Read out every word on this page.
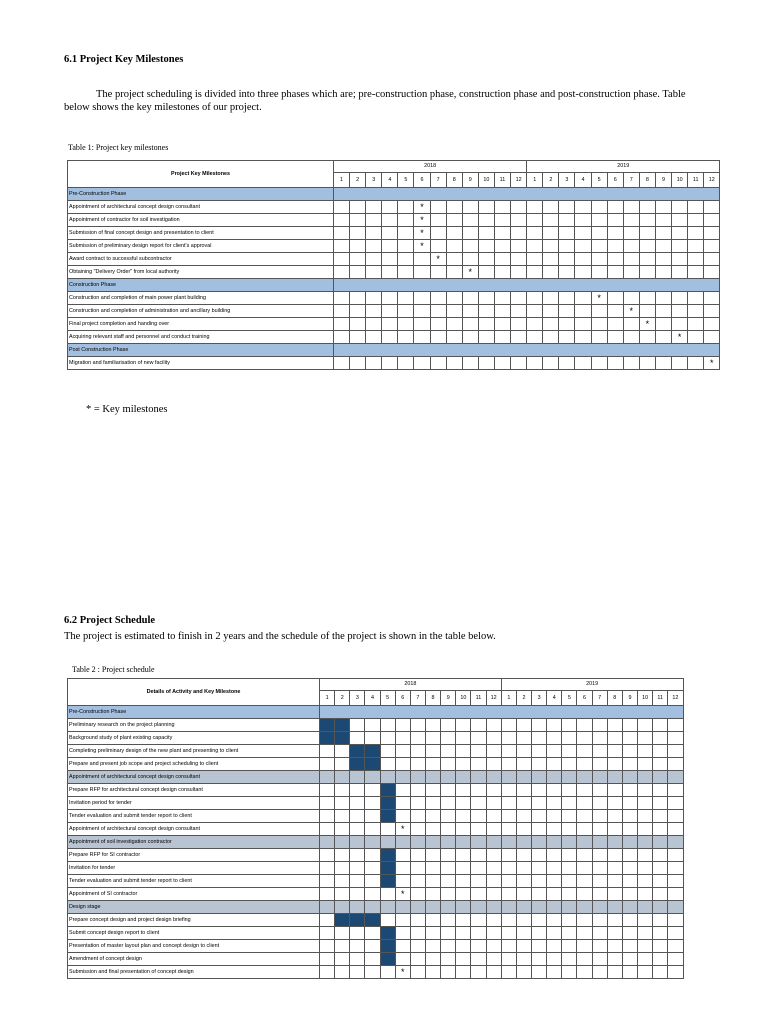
6.1 Project Key Milestones
The project scheduling is divided into three phases which are; pre-construction phase, construction phase and post-construction phase. Table
below shows the key milestones of our project.
Table 1: Project key milestones
Project Key Milestones	2018												2019											
	1	2	3	4	5	6	7	8	9	10	11	12	1	2	3	4	5	6	7	8	9	10	11	12
Pre-Construction Phase																								
Appointment of architectural concept design consultant						*																		
Appointment of contractor for soil investigation						*																		
Submission of final concept design and presentation to client						*																		
Submission of preliminary design report for client's approval						*																		
Award contract to successful subcontractor							*																	
Obtaining "Delivery Order" from local authority									*															
Construction Phase																								
Construction and completion of main power plant building																	*							
Construction and completion of administration and ancillary building																			*					
Final project completion and handing over																				*				
Acquiring relevant staff and personnel and conduct training																						*		
Post Construction Phase																								
Migration and familiarisation of new facility																								*
* = Key milestones
6.2 Project Schedule
The project is estimated to finish in 2 years and the schedule of the project is shown in the table below.
Table 2 : Project schedule
Details of Activity and Key Milestone	2018												2019											
	1	2	3	4	5	6	7	8	9	10	11	12	1	2	3	4	5	6	7	8	9	10	11	12
Pre-Construction Phase																								
Preliminary research on the project planning																								
Background study of plant existing capacity																								
Completing preliminary design of the new plant and presenting to client																								
Prepare and present job scope and project scheduling to client																								
Appointment of architectural concept design consultant																								
Prepare RFP for architectural concept design consultant																								
Invitation period for tender																								
Tender evaluation and submit tender report to client																								
Appointment of architectural concept design consultant						*																		
Appointment of soil investigation contractor																								
Prepare RFP for SI contractor																								
Invitation for tender																								
Tender evaluation and submit tender report to client																								
Appointment of SI contractor						*																		
Design stage																								
Prepare concept design and project design briefing																								
Submit concept design report to client																								
Presentation of master layout plan and concept design to client																								
Amendment of concept design																								
Submission and final presentation of concept design						*																		
